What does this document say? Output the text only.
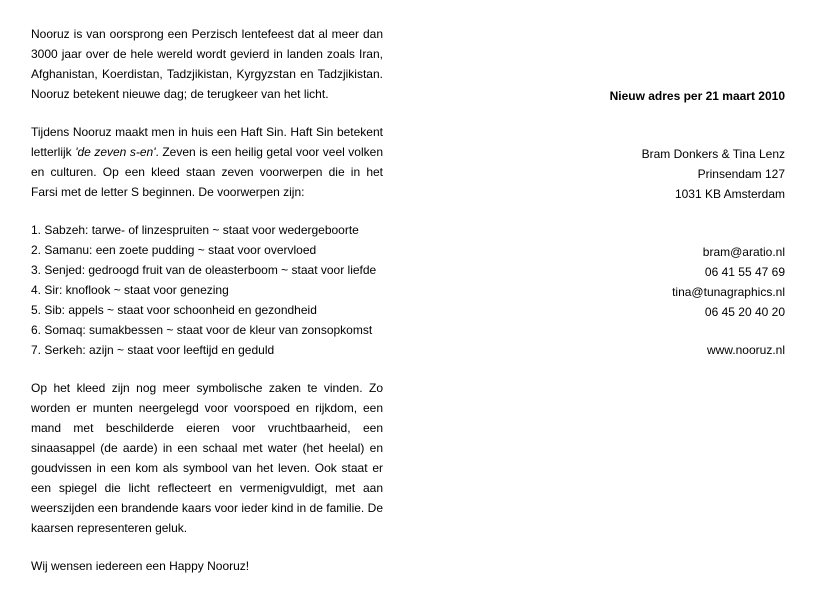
Nooruz is van oorsprong een Perzisch lentefeest dat al meer dan 3000 jaar over de hele wereld wordt gevierd in landen zoals Iran, Afghanistan, Koerdistan, Tadzjikistan, Kyrgyzstan en Tadzjikistan. Nooruz betekent nieuwe dag; de terugkeer van het licht.

Tijdens Nooruz maakt men in huis een Haft Sin. Haft Sin betekent letterlijk 'de zeven s-en'. Zeven is een heilig getal voor veel volken en culturen. Op een kleed staan zeven voorwerpen die in het Farsi met de letter S beginnen. De voorwerpen zijn:

1. Sabzeh: tarwe- of linzespruiten ~ staat voor wedergeboorte
2. Samanu: een zoete pudding ~ staat voor overvloed
3. Senjed: gedroogd fruit van de oleasterboom ~ staat voor liefde
4. Sir: knoflook ~ staat voor genezing
5. Sib: appels ~ staat voor schoonheid en gezondheid
6. Somaq: sumakbessen ~ staat voor de kleur van zonsopkomst
7. Serkeh: azijn ~ staat voor leeftijd en geduld

Op het kleed zijn nog meer symbolische zaken te vinden. Zo worden er munten neergelegd voor voorspoed en rijkdom, een mand met beschilderde eieren voor vruchtbaarheid, een sinaasappel (de aarde) in een schaal met water (het heelal) en goudvissen in een kom als symbool van het leven. Ook staat er een spiegel die licht reflecteert en vermenigvuldigt, met aan weerszijden een brandende kaars voor ieder kind in de familie. De kaarsen representeren geluk.

Wij wensen iedereen een Happy Nooruz!

Nieuw adres per 21 maart 2010
Bram Donkers & Tina Lenz
Prinsendam 127
1031 KB Amsterdam
bram@aratio.nl
06 41 55 47 69
tina@tunagraphics.nl
06 45 20 40 20
www.nooruz.nl
